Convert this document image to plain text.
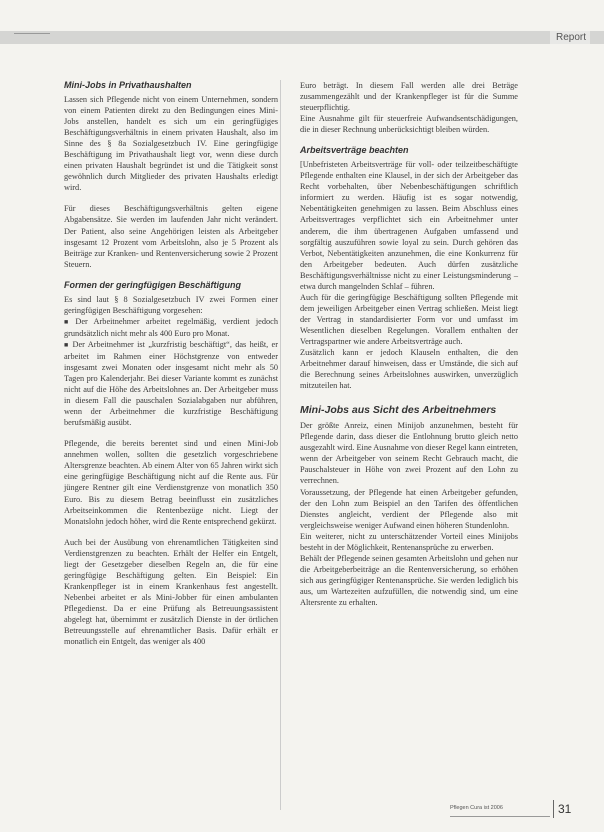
Report
Mini-Jobs in Privathaushalten

Lassen sich Pflegende nicht von einem Unternehmen, sondern von einem Patienten direkt zu den Bedingungen eines Mini-Jobs anstellen, handelt es sich um ein geringfügiges Beschäftigungsverhältnis in einem privaten Haushalt, also im Sinne des § 8a Sozialgesetzbuch IV. Eine geringfügige Beschäftigung im Privathaushalt liegt vor, wenn diese durch einen privaten Haushalt begründet ist und die Tätigkeit sonst gewöhnlich durch Mitglieder des privaten Haushalts erledigt wird.

Für dieses Beschäftigungsverhältnis gelten eigene Abgabensätze. Sie werden im laufenden Jahr nicht verändert. Der Patient, also seine Angehörigen leisten als Arbeitgeber insgesamt 12 Prozent vom Arbeitslohn, also je 5 Prozent als Beiträge zur Kranken- und Rentenversicherung sowie 2 Prozent Steuern.

Formen der geringfügigen Beschäftigung

Es sind laut § 8 Sozialgesetzbuch IV zwei Formen einer geringfügigen Beschäftigung vorgesehen:

■ Der Arbeitnehmer arbeitet regelmäßig, verdient jedoch grundsätzlich nicht mehr als 400 Euro pro Monat.

■ Der Arbeitnehmer ist „kurzfristig beschäftigt“, das heißt, er arbeitet im Rahmen einer Höchstgrenze von entweder insgesamt zwei Monaten oder insgesamt nicht mehr als 50 Tagen pro Kalenderjahr. Bei dieser Variante kommt es zunächst nicht auf die Höhe des Arbeitslohnes an. Der Arbeitgeber muss in diesem Fall die pauschalen Sozialabgaben nur abführen, wenn der Arbeitnehmer die kurzfristige Beschäftigung berufsmäßig ausübt.

Pflegende, die bereits berentet sind und einen Mini-Job annehmen wollen, sollten die gesetzlich vorgeschriebene Altersgrenze beachten. Ab einem Alter von 65 Jahren wirkt sich eine geringfügige Beschäftigung nicht auf die Rente aus. Für jüngere Rentner gilt eine Verdienstgrenze von monatlich 350 Euro. Bis zu diesem Betrag beeinflusst ein zusätzliches Arbeitseinkommen die Rentenbezüge nicht. Liegt der Monatslohn jedoch höher, wird die Rente entsprechend gekürzt.

Auch bei der Ausübung von ehrenamtlichen Tätigkeiten sind Verdienstgrenzen zu beachten. Erhält der Helfer ein Entgelt, liegt der Gesetzgeber dieselben Regeln an, die für eine geringfügige Beschäftigung gelten. Ein Beispiel: Ein Krankenpfleger ist in einem Krankenhaus fest angestellt. Nebenbei arbeitet er als Mini-Jobber für einen ambulanten Pflegedienst. Da er eine Prüfung als Betreuungsassistent abgelegt hat, übernimmt er zusätzlich Dienste in der örtlichen Betreuungsstelle auf ehrenamtlicher Basis. Dafür erhält er monatlich ein Entgelt, das weniger als 400

Euro beträgt. In diesem Fall werden alle drei Beträge zusammengezählt und der Krankenpfleger ist für die Summe steuerpflichtig.

Eine Ausnahme gilt für steuerfreie Aufwandsentschädigungen, die in dieser Rechnung unberücksichtigt bleiben würden.

Arbeitsverträge beachten

[Unbefristeten Arbeitsverträge für voll- oder teilzeitbeschäftigte Pflegende enthalten eine Klausel, in der sich der Arbeitgeber das Recht vorbehalten, über Nebenbeschäftigungen schriftlich informiert zu werden. Häufig ist es sogar notwendig, Nebentätigkeiten genehmigen zu lassen. Beim Abschluss eines Arbeitsvertrages verpflichtet sich ein Arbeitnehmer unter anderem, die ihm übertragenen Aufgaben umfassend und sorgfältig auszuführen sowie loyal zu sein. Durch gehören das Verbot, Nebentätigkeiten anzunehmen, die eine Konkurrenz für den Arbeitgeber bedeuten. Auch dürfen zusätzliche Beschäftigungsverhältnisse nicht zu einer Leistungsminderung – etwa durch mangelnden Schlaf – führen.

Auch für die geringfügige Beschäftigung sollten Pflegende mit dem jeweiligen Arbeitgeber einen Vertrag schließen. Meist liegt der Vertrag in standardisierter Form vor und umfasst im Wesentlichen dieselben Regelungen. Vorallem enthalten der Vertragspartner wie andere Arbeitsverträge auch.

Zusätzlich kann er jedoch Klauseln enthalten, die den Arbeitnehmer darauf hinweisen, dass er Umstände, die sich auf die Berechnung seines Arbeitslohnes auswirken, unverzüglich mitzuteilen hat.

Mini-Jobs aus Sicht des Arbeitnehmers

Der größte Anreiz, einen Minijob anzunehmen, besteht für Pflegende darin, dass dieser die Entlohnung brutto gleich netto ausgezahlt wird. Eine Ausnahme von dieser Regel kann eintreten, wenn der Arbeitgeber von seinem Recht Gebrauch macht, die Pauschalsteuer in Höhe von zwei Prozent auf den Lohn zu verrechnen.

Voraussetzung, der Pflegende hat einen Arbeitgeber gefunden, der den Lohn zum Beispiel an den Tarifen des öffentlichen Dienstes angleicht, verdient der Pflegende also mit vergleichsweise weniger Aufwand einen höheren Stundenlohn.

Ein weiterer, nicht zu unterschätzender Vorteil eines Minijobs besteht in der Möglichkeit, Rentenansprüche zu erwerben.

Behält der Pflegende seinen gesamten Arbeitslohn und gehen nur die Arbeitgeberbeiträge an die Rentenversicherung, so erhöhen sich aus geringfügiger Rentenansprüche. Sie werden lediglich bis aus, um Wartezeiten aufzufüllen, die notwendig sind, um eine Altersrente zu erhalten.

Pflegen Cura ist 2006	31
